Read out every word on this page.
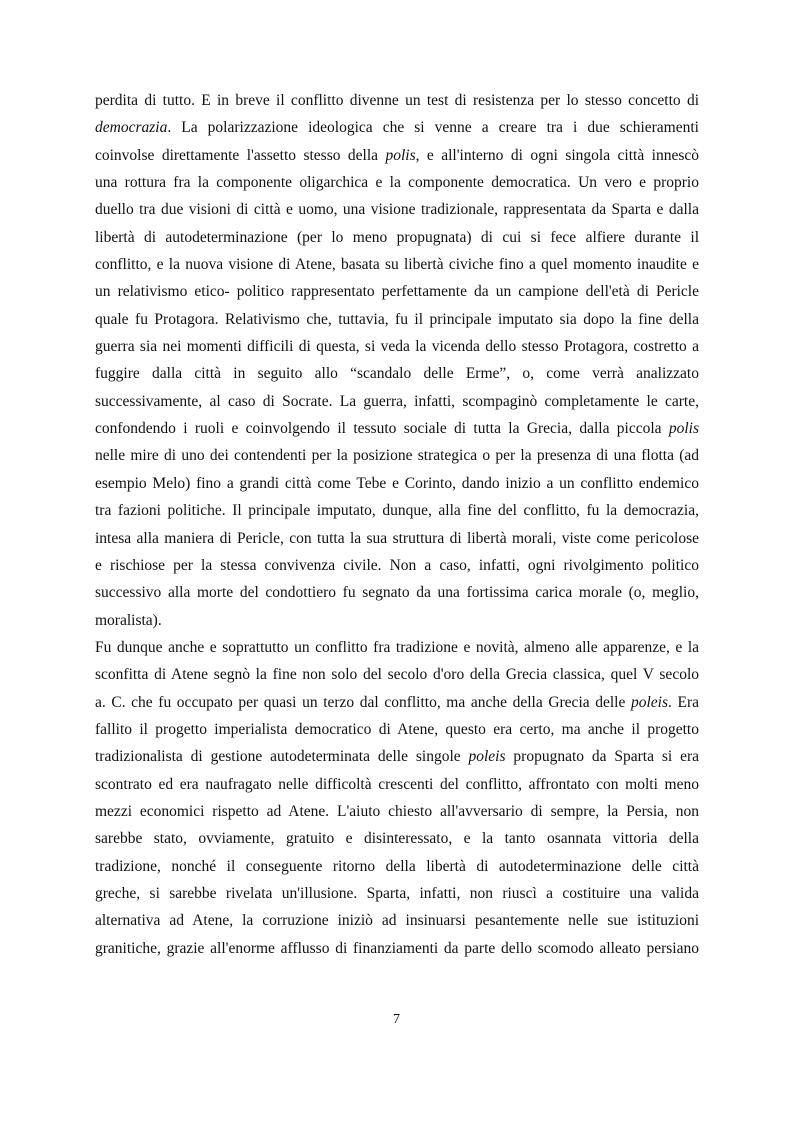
perdita di tutto. E in breve il conflitto divenne un test di resistenza per lo stesso concetto di
democrazia. La polarizzazione ideologica che si venne a creare tra i due schieramenti
coinvolse direttamente l'assetto stesso della polis, e all'interno di ogni singola città innescò
una rottura fra la componente oligarchica e la componente democratica. Un vero e proprio
duello tra due visioni di città e uomo, una visione tradizionale, rappresentata da Sparta e dalla
libertà di autodeterminazione (per lo meno propugnata) di cui si fece alfiere durante il
conflitto, e la nuova visione di Atene, basata su libertà civiche fino a quel momento inaudite e
un relativismo etico- politico rappresentato perfettamente da un campione dell'età di Pericle
quale fu Protagora. Relativismo che, tuttavia, fu il principale imputato sia dopo la fine della
guerra sia nei momenti difficili di questa, si veda la vicenda dello stesso Protagora, costretto a
fuggire dalla città in seguito allo “scandalo delle Erme”, o, come verrà analizzato
successivamente, al caso di Socrate. La guerra, infatti, scompaginò completamente le carte,
confondendo i ruoli e coinvolgendo il tessuto sociale di tutta la Grecia, dalla piccola polis
nelle mire di uno dei contendenti per la posizione strategica o per la presenza di una flotta (ad
esempio Melo) fino a grandi città come Tebe e Corinto, dando inizio a un conflitto endemico
tra fazioni politiche. Il principale imputato, dunque, alla fine del conflitto, fu la democrazia,
intesa alla maniera di Pericle, con tutta la sua struttura di libertà morali, viste come pericolose
e rischiose per la stessa convivenza civile. Non a caso, infatti, ogni rivolgimento politico
successivo alla morte del condottiero fu segnato da una fortissima carica morale (o, meglio,
moralista).
Fu dunque anche e soprattutto un conflitto fra tradizione e novità, almeno alle apparenze, e la
sconfitta di Atene segnò la fine non solo del secolo d'oro della Grecia classica, quel V secolo
a. C. che fu occupato per quasi un terzo dal conflitto, ma anche della Grecia delle poleis. Era
fallito il progetto imperialista democratico di Atene, questo era certo, ma anche il progetto
tradizionalista di gestione autodeterminata delle singole poleis propugnato da Sparta si era
scontrato ed era naufragato nelle difficoltà crescenti del conflitto, affrontato con molti meno
mezzi economici rispetto ad Atene. L'aiuto chiesto all'avversario di sempre, la Persia, non
sarebbe stato, ovviamente, gratuito e disinteressato, e la tanto osannata vittoria della
tradizione, nonché il conseguente ritorno della libertà di autodeterminazione delle città
greche, si sarebbe rivelata un'illusione. Sparta, infatti, non riuscì a costituire una valida
alternativa ad Atene, la corruzione iniziò ad insinuarsi pesantemente nelle sue istituzioni
granitiche, grazie all'enorme afflusso di finanziamenti da parte dello scomodo alleato persiano
7
